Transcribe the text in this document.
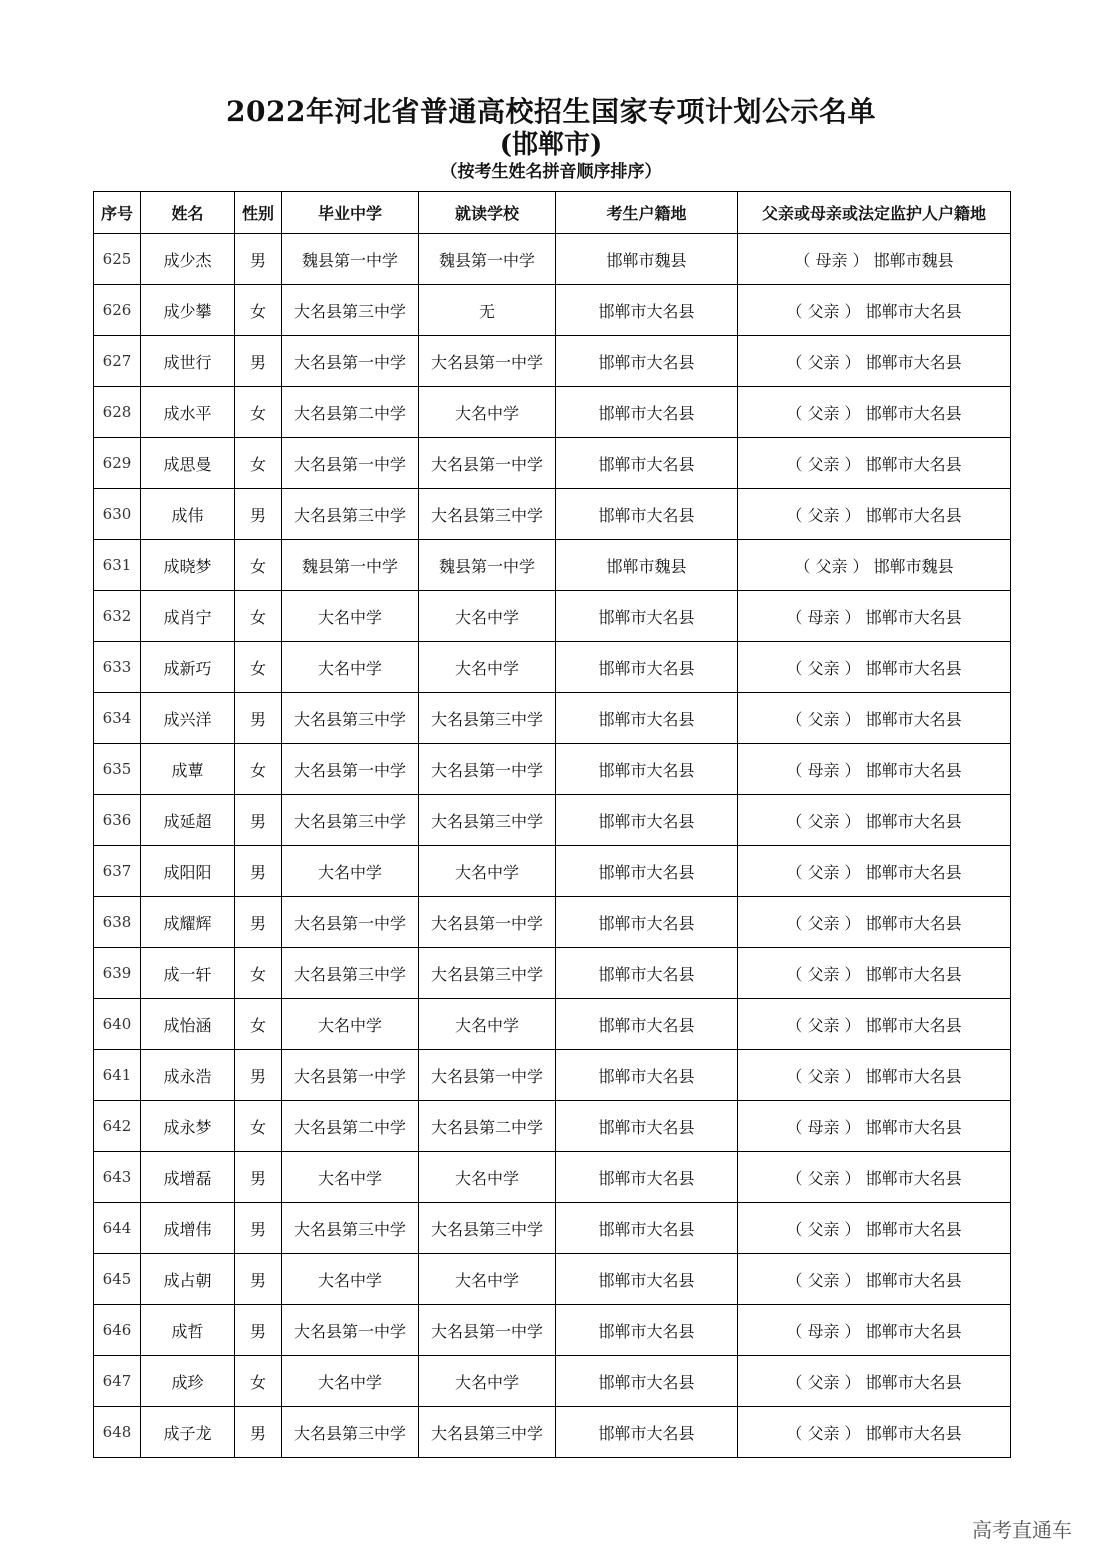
2022年河北省普通高校招生国家专项计划公示名单
(邯郸市)
（按考生姓名拼音顺序排序）
序号	姓名	性别	毕业中学	就读学校	考生户籍地	父亲或母亲或法定监护人户籍地
625	成少杰	男	魏县第一中学	魏县第一中学	邯郸市魏县	（ 母亲 ） 邯郸市魏县
626	成少攀	女	大名县第三中学	无	邯郸市大名县	（ 父亲 ） 邯郸市大名县
627	成世行	男	大名县第一中学	大名县第一中学	邯郸市大名县	（ 父亲 ） 邯郸市大名县
628	成水平	女	大名县第二中学	大名中学	邯郸市大名县	（ 父亲 ） 邯郸市大名县
629	成思曼	女	大名县第一中学	大名县第一中学	邯郸市大名县	（ 父亲 ） 邯郸市大名县
630	成伟	男	大名县第三中学	大名县第三中学	邯郸市大名县	（ 父亲 ） 邯郸市大名县
631	成晓梦	女	魏县第一中学	魏县第一中学	邯郸市魏县	（ 父亲 ） 邯郸市魏县
632	成肖宁	女	大名中学	大名中学	邯郸市大名县	（ 母亲 ） 邯郸市大名县
633	成新巧	女	大名中学	大名中学	邯郸市大名县	（ 父亲 ） 邯郸市大名县
634	成兴洋	男	大名县第三中学	大名县第三中学	邯郸市大名县	（ 父亲 ） 邯郸市大名县
635	成蕈	女	大名县第一中学	大名县第一中学	邯郸市大名县	（ 母亲 ） 邯郸市大名县
636	成延超	男	大名县第三中学	大名县第三中学	邯郸市大名县	（ 父亲 ） 邯郸市大名县
637	成阳阳	男	大名中学	大名中学	邯郸市大名县	（ 父亲 ） 邯郸市大名县
638	成耀辉	男	大名县第一中学	大名县第一中学	邯郸市大名县	（ 父亲 ） 邯郸市大名县
639	成一轩	女	大名县第三中学	大名县第三中学	邯郸市大名县	（ 父亲 ） 邯郸市大名县
640	成怡涵	女	大名中学	大名中学	邯郸市大名县	（ 父亲 ） 邯郸市大名县
641	成永浩	男	大名县第一中学	大名县第一中学	邯郸市大名县	（ 父亲 ） 邯郸市大名县
642	成永梦	女	大名县第二中学	大名县第二中学	邯郸市大名县	（ 母亲 ） 邯郸市大名县
643	成增磊	男	大名中学	大名中学	邯郸市大名县	（ 父亲 ） 邯郸市大名县
644	成增伟	男	大名县第三中学	大名县第三中学	邯郸市大名县	（ 父亲 ） 邯郸市大名县
645	成占朝	男	大名中学	大名中学	邯郸市大名县	（ 父亲 ） 邯郸市大名县
646	成哲	男	大名县第一中学	大名县第一中学	邯郸市大名县	（ 母亲 ） 邯郸市大名县
647	成珍	女	大名中学	大名中学	邯郸市大名县	（ 父亲 ） 邯郸市大名县
648	成子龙	男	大名县第三中学	大名县第三中学	邯郸市大名县	（ 父亲 ） 邯郸市大名县
高考直通车
